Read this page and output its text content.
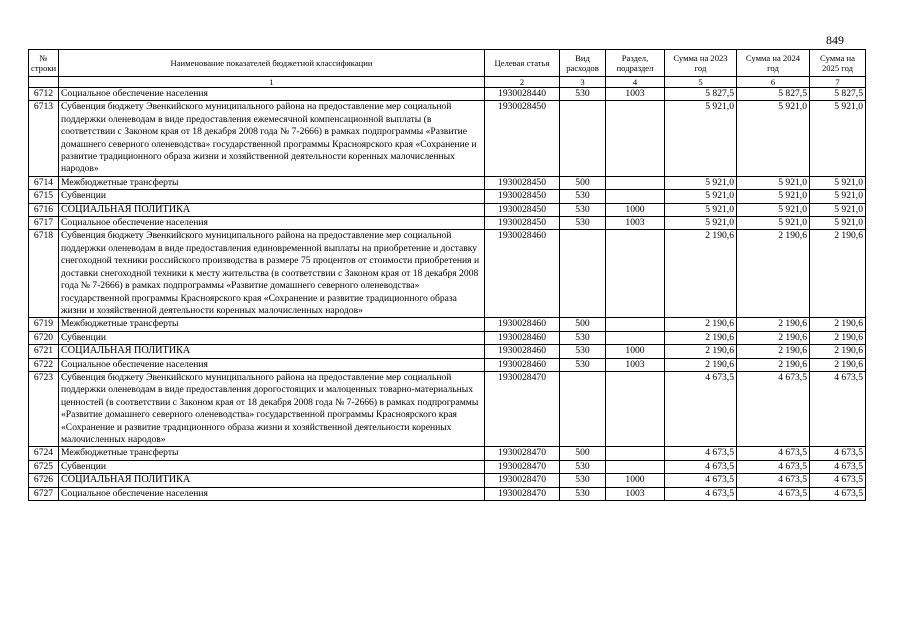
849
№ строки	Наименование показателей бюджетной классификации	Целевая статья	Вид расходов	Раздел, подраздел	Сумма на 2023 год	Сумма на 2024 год	Сумма на 2025 год
	1	2	3	4	5	6	7
6712	Социальное обеспечение населения	1930028440	530	1003	5 827,5	5 827,5	5 827,5
6713	Субвенция бюджету Эвенкийского муниципального района на предоставление мер социальной поддержки оленеводам в виде предоставления ежемесячной компенсационной выплаты (в соответствии с Законом края от 18 декабря 2008 года № 7-2666) в рамках подпрограммы «Развитие домашнего северного оленеводства» государственной программы Красноярского края «Сохранение и развитие традиционного образа жизни и хозяйственной деятельности коренных малочисленных народов»	1930028450			5 921,0	5 921,0	5 921,0
6714	Межбюджетные трансферты	1930028450	500		5 921,0	5 921,0	5 921,0
6715	Субвенции	1930028450	530		5 921,0	5 921,0	5 921,0
6716	СОЦИАЛЬНАЯ ПОЛИТИКА	1930028450	530	1000	5 921,0	5 921,0	5 921,0
6717	Социальное обеспечение населения	1930028450	530	1003	5 921,0	5 921,0	5 921,0
6718	Субвенция бюджету Эвенкийского муниципального района на предоставление мер социальной поддержки оленеводам в виде предоставления единовременной выплаты на приобретение и доставку снегоходной техники российского производства в размере 75 процентов от стоимости приобретения и доставки снегоходной техники к месту жительства (в соответствии с Законом края от 18 декабря 2008 года № 7-2666) в рамках подпрограммы «Развитие домашнего северного оленеводства» государственной программы Красноярского края «Сохранение и развитие традиционного образа жизни и хозяйственной деятельности коренных малочисленных народов»	1930028460			2 190,6	2 190,6	2 190,6
6719	Межбюджетные трансферты	1930028460	500		2 190,6	2 190,6	2 190,6
6720	Субвенции	1930028460	530		2 190,6	2 190,6	2 190,6
6721	СОЦИАЛЬНАЯ ПОЛИТИКА	1930028460	530	1000	2 190,6	2 190,6	2 190,6
6722	Социальное обеспечение населения	1930028460	530	1003	2 190,6	2 190,6	2 190,6
6723	Субвенция бюджету Эвенкийского муниципального района на предоставление мер социальной поддержки оленеводам в виде предоставления дорогостоящих и малоценных товарно-материальных ценностей (в соответствии с Законом края от 18 декабря 2008 года № 7-2666) в рамках подпрограммы «Развитие домашнего северного оленеводства» государственной программы Красноярского края «Сохранение и развитие традиционного образа жизни и хозяйственной деятельности коренных малочисленных народов»	1930028470			4 673,5	4 673,5	4 673,5
6724	Межбюджетные трансферты	1930028470	500		4 673,5	4 673,5	4 673,5
6725	Субвенции	1930028470	530		4 673,5	4 673,5	4 673,5
6726	СОЦИАЛЬНАЯ ПОЛИТИКА	1930028470	530	1000	4 673,5	4 673,5	4 673,5
6727	Социальное обеспечение населения	1930028470	530	1003	4 673,5	4 673,5	4 673,5
